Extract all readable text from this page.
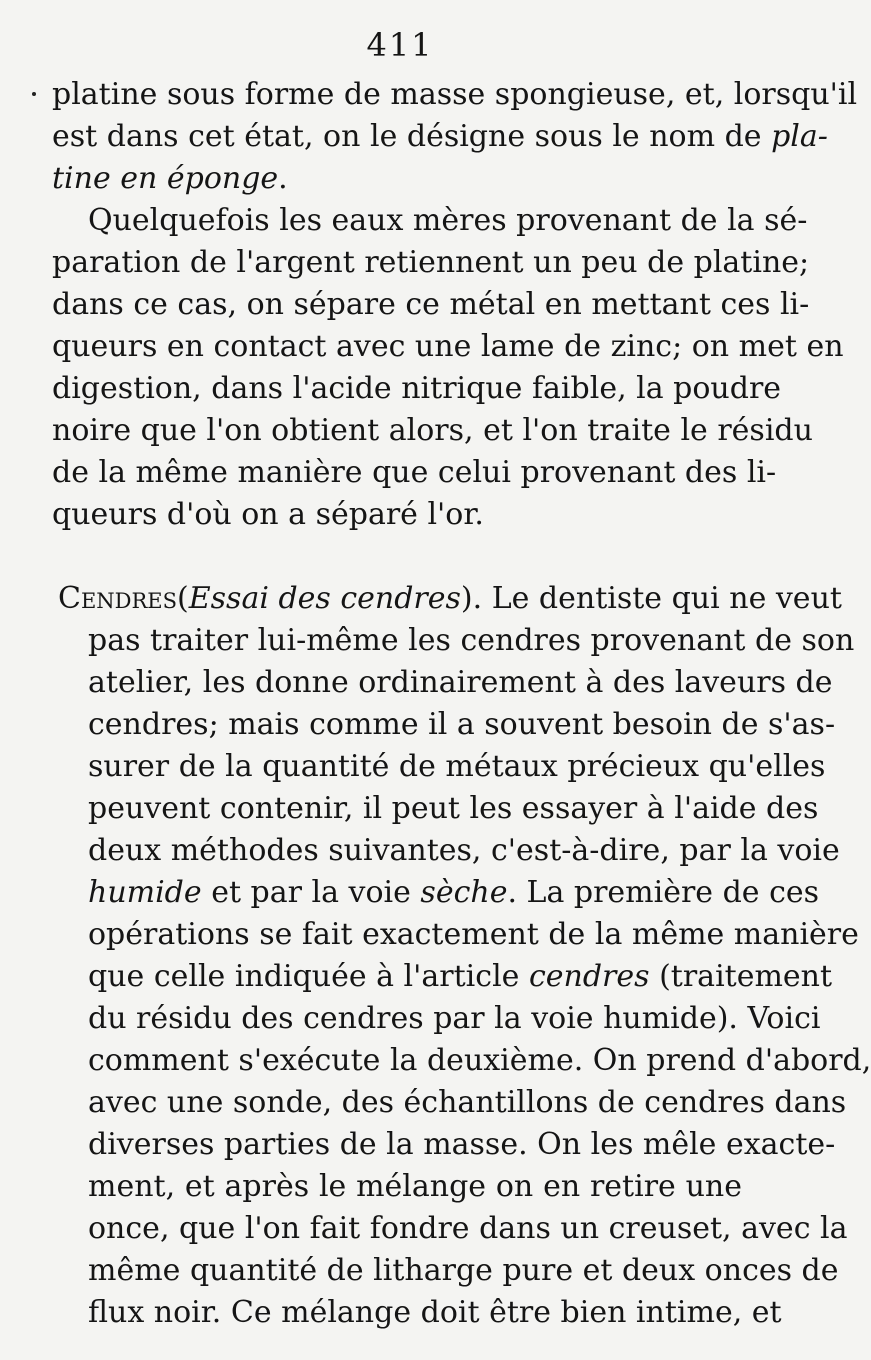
411
platine sous forme de masse spongieuse, et, lorsqu'il
est dans cet état, on le désigne sous le nom de pla-
tine en éponge.
Quelquefois les eaux mères provenant de la sé-
paration de l'argent retiennent un peu de platine;
dans ce cas, on sépare ce métal en mettant ces li-
queurs en contact avec une lame de zinc; on met en
digestion, dans l'acide nitrique faible, la poudre
noire que l'on obtient alors, et l'on traite le résidu
de la même manière que celui provenant des li-
queurs d'où on a séparé l'or.
Cendres(Essai des cendres). Le dentiste qui ne veut
pas traiter lui-même les cendres provenant de son
atelier, les donne ordinairement à des laveurs de
cendres; mais comme il a souvent besoin de s'as-
surer de la quantité de métaux précieux qu'elles
peuvent contenir, il peut les essayer à l'aide des
deux méthodes suivantes, c'est-à-dire, par la voie
humide et par la voie sèche. La première de ces
opérations se fait exactement de la même manière
que celle indiquée à l'article cendres (traitement
du résidu des cendres par la voie humide). Voici
comment s'exécute la deuxième. On prend d'abord,
avec une sonde, des échantillons de cendres dans
diverses parties de la masse. On les mêle exacte-
ment, et après le mélange on en retire une
once, que l'on fait fondre dans un creuset, avec la
même quantité de litharge pure et deux onces de
flux noir. Ce mélange doit être bien intime, et
